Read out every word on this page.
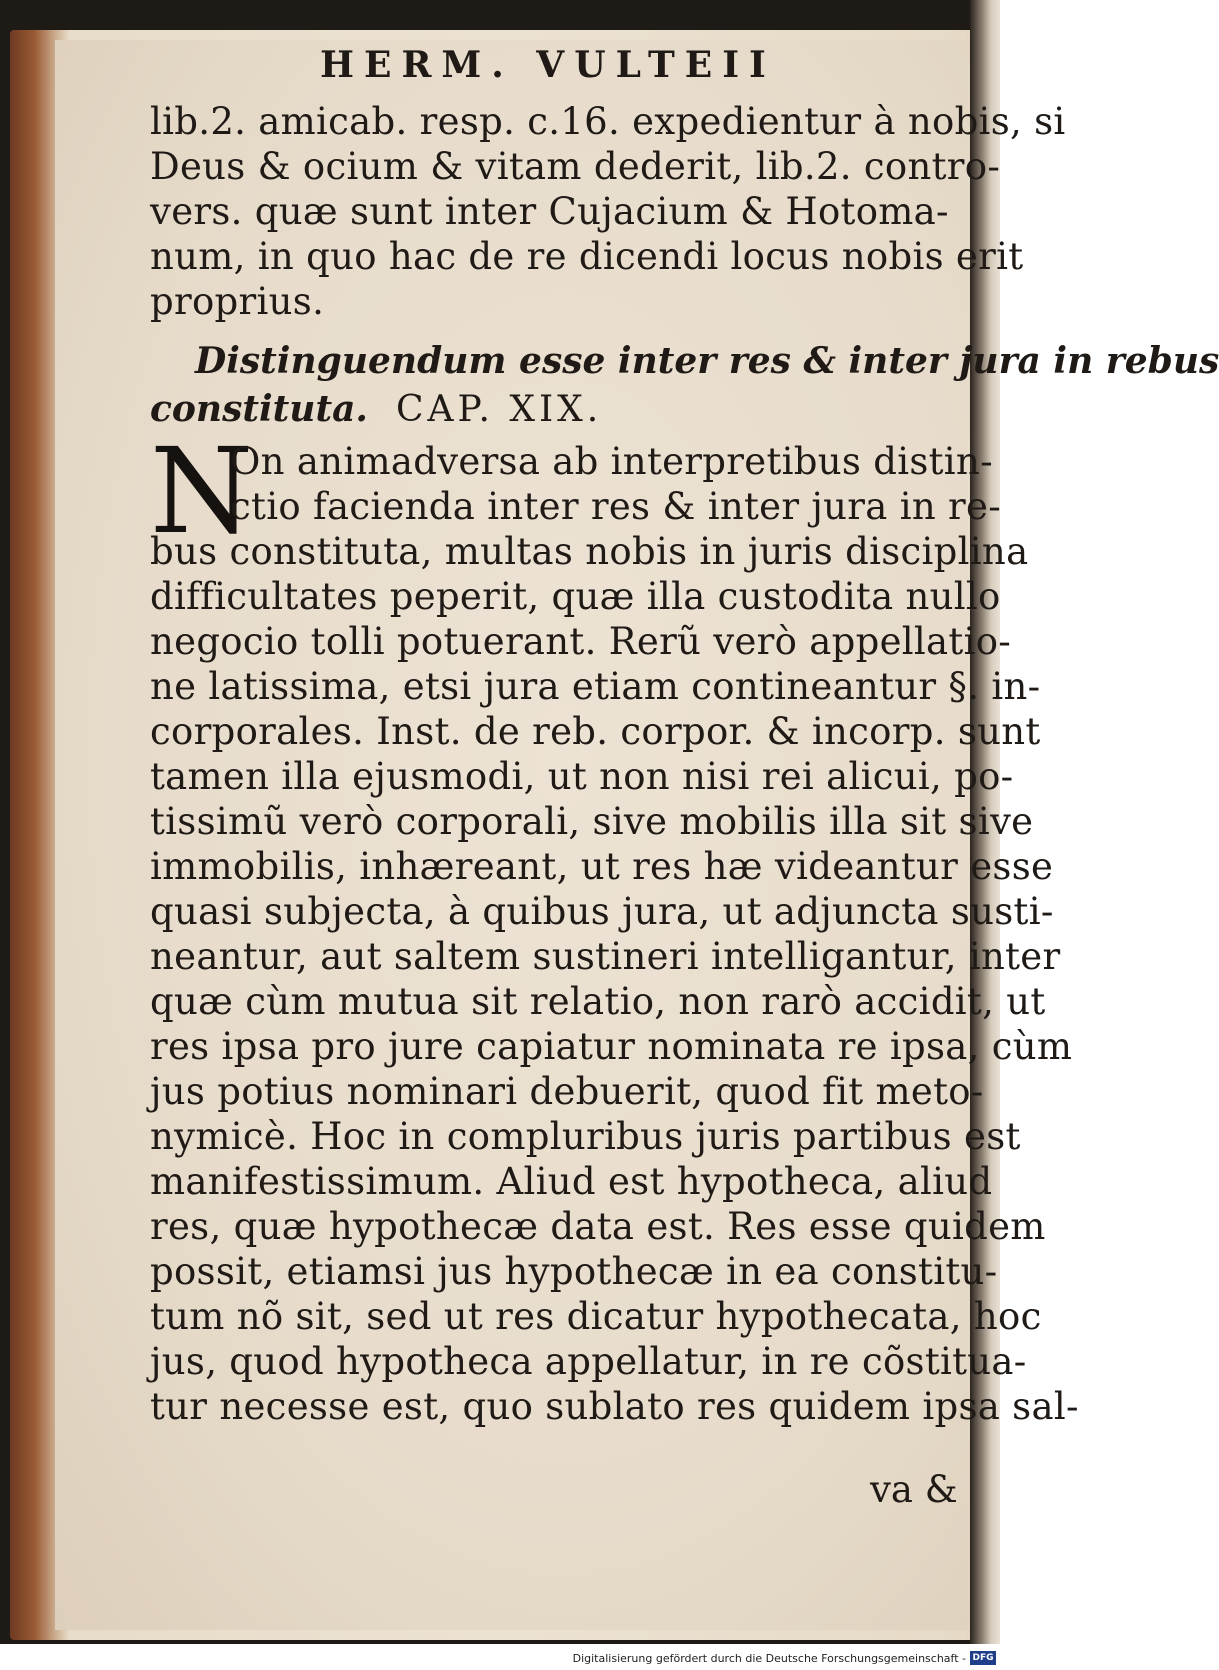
HERM. VULTEII
lib.2. amicab. resp. c.16. expedientur à nobis, si
Deus & ocium & vitam dederit, lib.2. contro-
vers. quæ sunt inter Cujacium & Hotoma-
num, in quo hac de re dicendi locus nobis erit
proprius.
Distinguendum esse inter res & inter jura in rebus
constituta. CAP. XIX.
N
On animadversa ab interpretibus distin-
ctio facienda inter res & inter jura in re-
bus constituta, multas nobis in juris disciplina
difficultates peperit, quæ illa custodita nullo
negocio tolli potuerant. Rerũ verò appellatio-
ne latissima, etsi jura etiam contineantur §. in-
corporales. Inst. de reb. corpor. & incorp. sunt
tamen illa ejusmodi, ut non nisi rei alicui, po-
tissimũ verò corporali, sive mobilis illa sit sive
immobilis, inhæreant, ut res hæ videantur esse
quasi subjecta, à quibus jura, ut adjuncta susti-
neantur, aut saltem sustineri intelligantur, inter
quæ cùm mutua sit relatio, non rarò accidit, ut
res ipsa pro jure capiatur nominata re ipsa, cùm
jus potius nominari debuerit, quod fit meto-
nymicè. Hoc in compluribus juris partibus est
manifestissimum. Aliud est hypotheca, aliud
res, quæ hypothecæ data est. Res esse quidem
possit, etiamsi jus hypothecæ in ea constitu-
tum nõ sit, sed ut res dicatur hypothecata, hoc
jus, quod hypotheca appellatur, in re cõstitua-
tur necesse est, quo sublato res quidem ipsa sal-
va &
Digitalisierung gefördert durch die Deutsche Forschungsgemeinschaft - DFG
